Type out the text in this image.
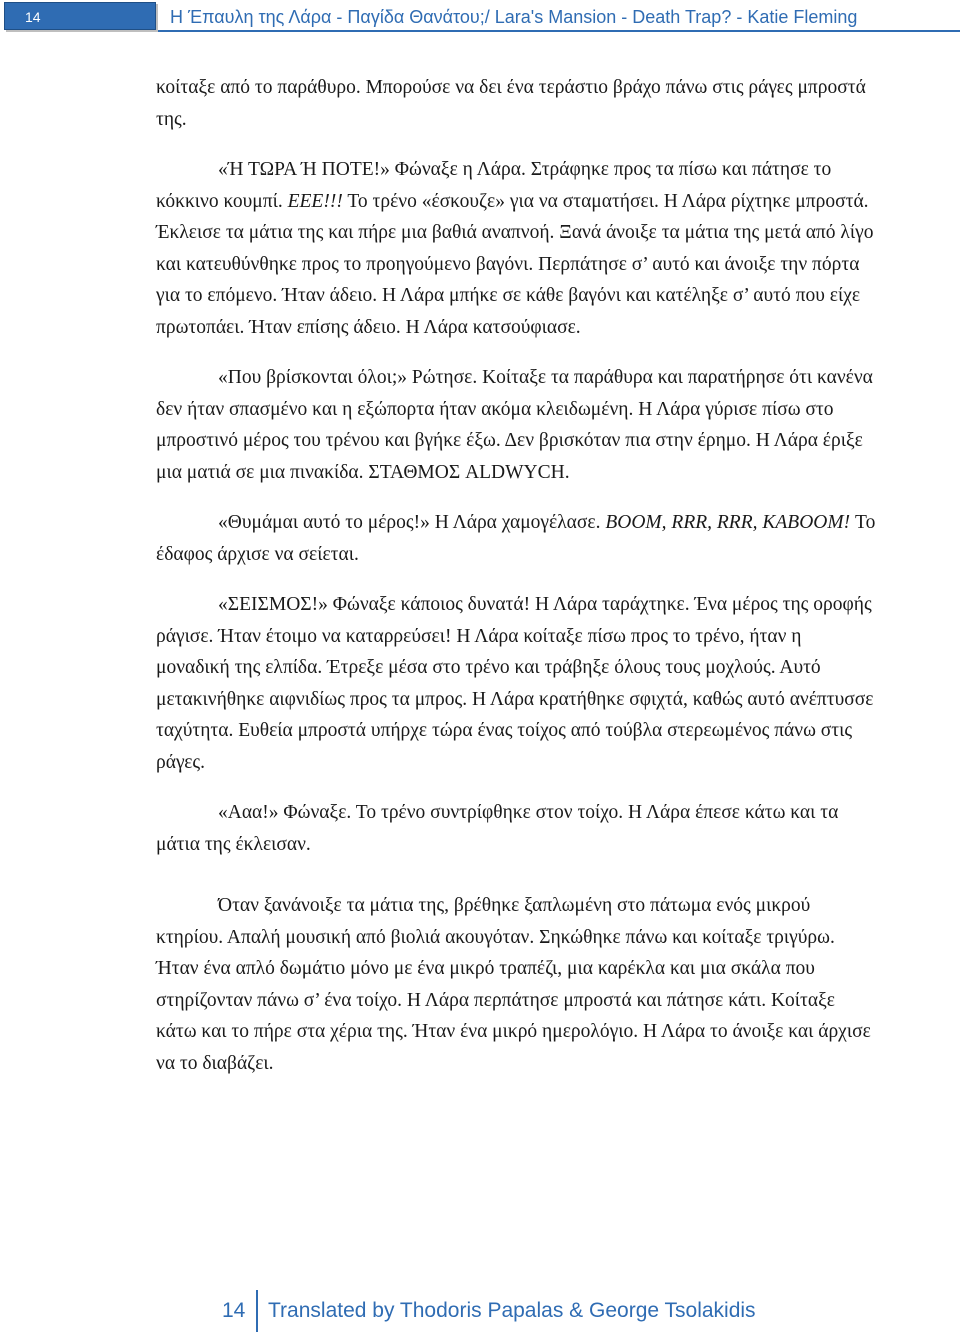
14	Η Έπαυλη της Λάρα - Παγίδα Θανάτου;/ Lara's Mansion - Death Trap? - Katie Fleming

κοίταξε από το παράθυρο. Μπορούσε να δει ένα τεράστιο βράχο πάνω στις ράγες μπροστά της.

«Ή ΤΩΡΑ Ή ΠΟΤΕ!» Φώναξε η Λάρα. Στράφηκε προς τα πίσω και πάτησε το κόκκινο κουμπί. ΕΕΕ!!! Το τρένο «έσκουζε» για να σταματήσει. Η Λάρα ρίχτηκε μπροστά. Έκλεισε τα μάτια της και πήρε μια βαθιά αναπνοή. Ξανά άνοιξε τα μάτια της μετά από λίγο και κατευθύνθηκε προς το προηγούμενο βαγόνι. Περπάτησε σ’ αυτό και άνοιξε την πόρτα για το επόμενο. Ήταν άδειο. Η Λάρα μπήκε σε κάθε βαγόνι και κατέληξε σ’ αυτό που είχε πρωτοπάει. Ήταν επίσης άδειο. Η Λάρα κατσούφιασε.

«Που βρίσκονται όλοι;» Ρώτησε. Κοίταξε τα παράθυρα και παρατήρησε ότι κανένα δεν ήταν σπασμένο και η εξώπορτα ήταν ακόμα κλειδωμένη. Η Λάρα γύρισε πίσω στο μπροστινό μέρος του τρένου και βγήκε έξω. Δεν βρισκόταν πια στην έρημο. Η Λάρα έριξε μια ματιά σε μια πινακίδα. ΣΤΑΘΜΟΣ ALDWYCH.

«Θυμάμαι αυτό το μέρος!» Η Λάρα χαμογέλασε. BOOM, RRR, RRR, KABOOM! Το έδαφος άρχισε να σείεται.

«ΣΕΙΣΜΟΣ!» Φώναξε κάποιος δυνατά! Η Λάρα ταράχτηκε. Ένα μέρος της οροφής ράγισε. Ήταν έτοιμο να καταρρεύσει! Η Λάρα κοίταξε πίσω προς το τρένο, ήταν η μοναδική της ελπίδα. Έτρεξε μέσα στο τρένο και τράβηξε όλους τους μοχλούς. Αυτό μετακινήθηκε αιφνιδίως προς τα μπρος. Η Λάρα κρατήθηκε σφιχτά, καθώς αυτό ανέπτυσσε ταχύτητα. Ευθεία μπροστά υπήρχε τώρα ένας τοίχος από τούβλα στερεωμένος πάνω στις ράγες.

«Ααα!» Φώναξε. Το τρένο συντρίφθηκε στον τοίχο. Η Λάρα έπεσε κάτω και τα μάτια της έκλεισαν.

Όταν ξανάνοιξε τα μάτια της, βρέθηκε ξαπλωμένη στο πάτωμα ενός μικρού κτηρίου. Απαλή μουσική από βιολιά ακουγόταν. Σηκώθηκε πάνω και κοίταξε τριγύρω. Ήταν ένα απλό δωμάτιο μόνο με ένα μικρό τραπέζι, μια καρέκλα και μια σκάλα που στηρίζονταν πάνω σ’ ένα τοίχο. Η Λάρα περπάτησε μπροστά και πάτησε κάτι. Κοίταξε κάτω και το πήρε στα χέρια της. Ήταν ένα μικρό ημερολόγιο. Η Λάρα το άνοιξε και άρχισε να το διαβάζει.

14 Translated by Thodoris Papalas & George Tsolakidis
